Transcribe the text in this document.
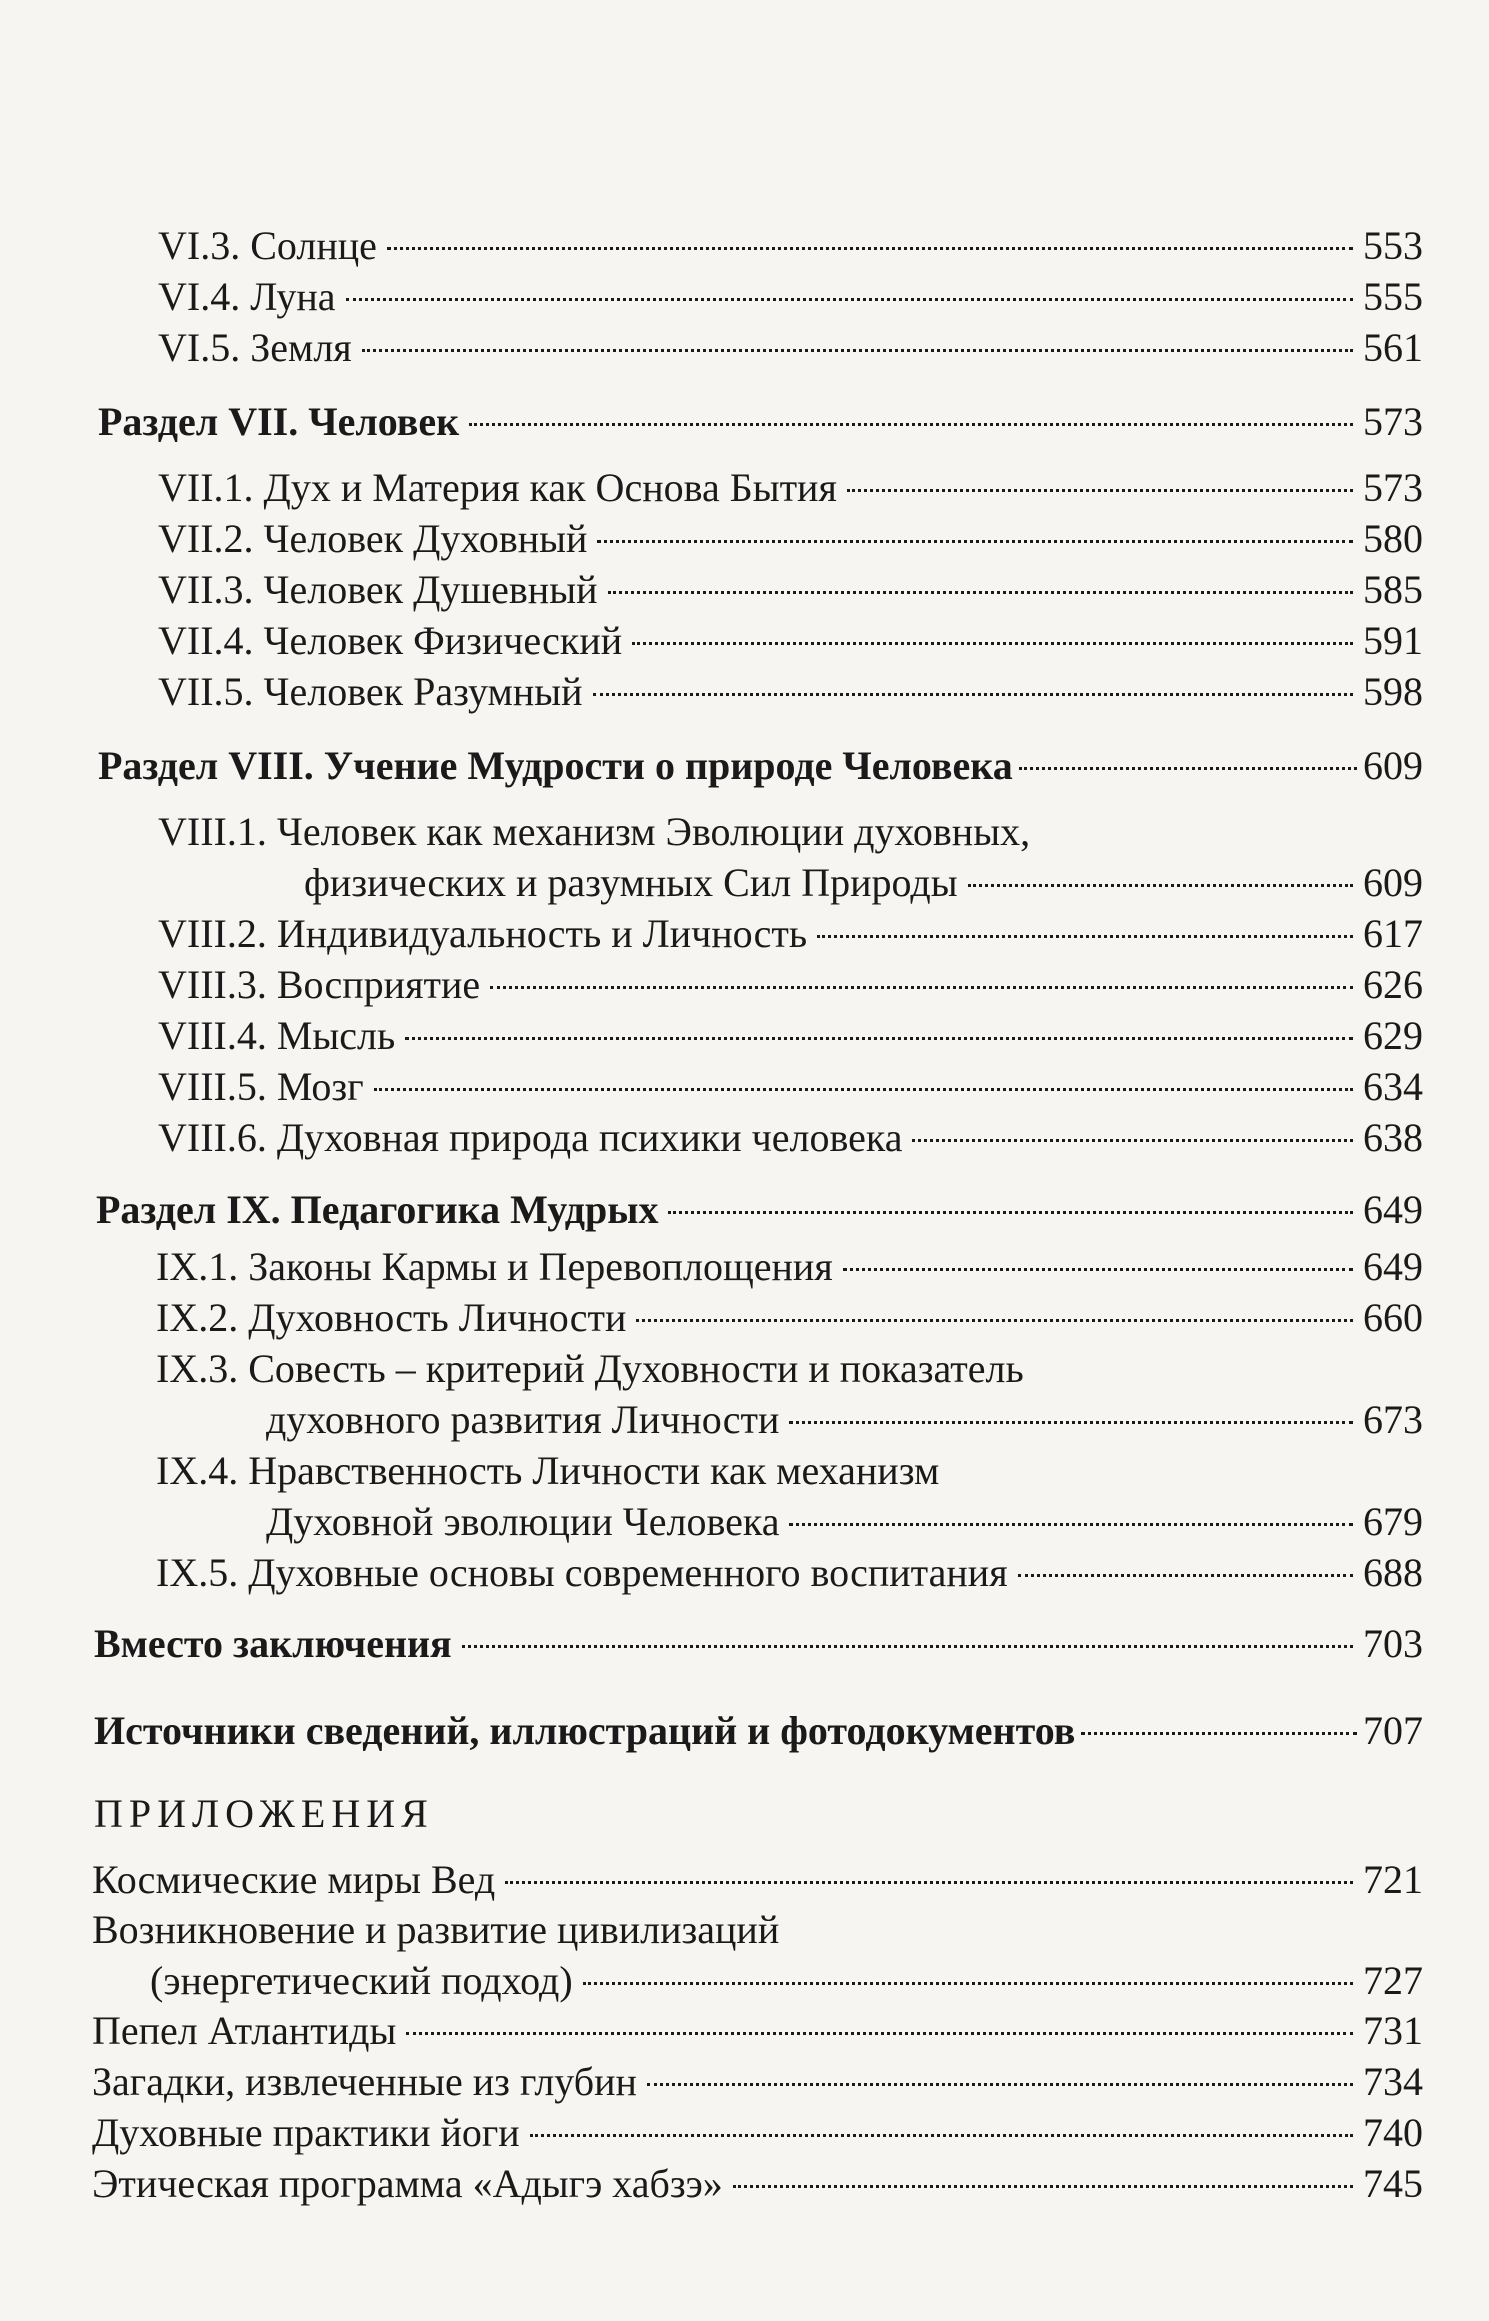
VI.3. Солнце	553
VI.4. Луна	555
VI.5. Земля	561
Раздел VII. Человек	573
VII.1. Дух и Материя как Основа Бытия	573
VII.2. Человек Духовный	580
VII.3. Человек Душевный	585
VII.4. Человек Физический	591
VII.5. Человек Разумный	598
Раздел VIII. Учение Мудрости о природе Человека	609
VIII.1. Человек как механизм Эволюции духовных,
физических и разумных Сил Природы	609
VIII.2. Индивидуальность и Личность	617
VIII.3. Восприятие	626
VIII.4. Мысль	629
VIII.5. Мозг	634
VIII.6. Духовная природа психики человека	638
Раздел IX. Педагогика Мудрых	649
IX.1. Законы Кармы и Перевоплощения	649
IX.2. Духовность Личности	660
IX.3. Совесть – критерий Духовности и показатель
духовного развития Личности	673
IX.4. Нравственность Личности как механизм
Духовной эволюции Человека	679
IX.5. Духовные основы современного воспитания	688
Вместо заключения	703
Источники сведений, иллюстраций и фотодокументов	707
ПРИЛОЖЕНИЯ
Космические миры Вед	721
Возникновение и развитие цивилизаций
(энергетический подход)	727
Пепел Атлантиды	731
Загадки, извлеченные из глубин	734
Духовные практики йоги	740
Этическая программа «Адыгэ хабзэ»	745
